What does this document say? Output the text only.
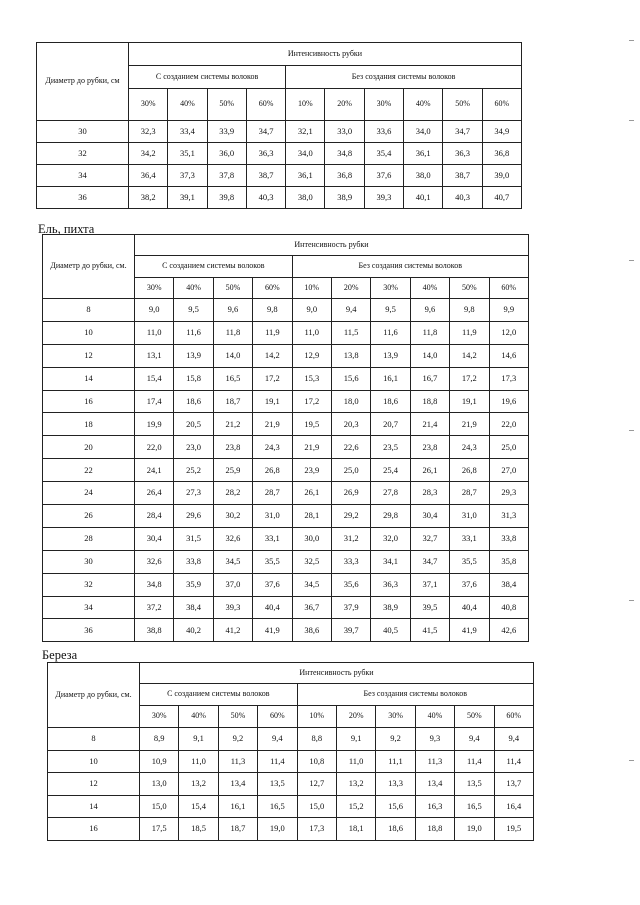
Диаметр до рубки, см	Интенсивность рубки									
	С созданием системы волоков				Без создания системы волоков					
	30%	40%	50%	60%	10%	20%	30%	40%	50%	60%
30	32,3	33,4	33,9	34,7	32,1	33,0	33,6	34,0	34,7	34,9
32	34,2	35,1	36,0	36,3	34,0	34,8	35,4	36,1	36,3	36,8
34	36,4	37,3	37,8	38,7	36,1	36,8	37,6	38,0	38,7	39,0
36	38,2	39,1	39,8	40,3	38,0	38,9	39,3	40,1	40,3	40,7
Ель, пихта
Диаметр до рубки, см.	Интенсивность рубки									
	С созданием системы волоков				Без создания системы волоков					
	30%	40%	50%	60%	10%	20%	30%	40%	50%	60%
8	9,0	9,5	9,6	9,8	9,0	9,4	9,5	9,6	9,8	9,9
10	11,0	11,6	11,8	11,9	11,0	11,5	11,6	11,8	11,9	12,0
12	13,1	13,9	14,0	14,2	12,9	13,8	13,9	14,0	14,2	14,6
14	15,4	15,8	16,5	17,2	15,3	15,6	16,1	16,7	17,2	17,3
16	17,4	18,6	18,7	19,1	17,2	18,0	18,6	18,8	19,1	19,6
18	19,9	20,5	21,2	21,9	19,5	20,3	20,7	21,4	21,9	22,0
20	22,0	23,0	23,8	24,3	21,9	22,6	23,5	23,8	24,3	25,0
22	24,1	25,2	25,9	26,8	23,9	25,0	25,4	26,1	26,8	27,0
24	26,4	27,3	28,2	28,7	26,1	26,9	27,8	28,3	28,7	29,3
26	28,4	29,6	30,2	31,0	28,1	29,2	29,8	30,4	31,0	31,3
28	30,4	31,5	32,6	33,1	30,0	31,2	32,0	32,7	33,1	33,8
30	32,6	33,8	34,5	35,5	32,5	33,3	34,1	34,7	35,5	35,8
32	34,8	35,9	37,0	37,6	34,5	35,6	36,3	37,1	37,6	38,4
34	37,2	38,4	39,3	40,4	36,7	37,9	38,9	39,5	40,4	40,8
36	38,8	40,2	41,2	41,9	38,6	39,7	40,5	41,5	41,9	42,6
Береза
Диаметр до рубки, см.	Интенсивность рубки									
	С созданием системы волоков				Без создания системы волоков					
	30%	40%	50%	60%	10%	20%	30%	40%	50%	60%
8	8,9	9,1	9,2	9,4	8,8	9,1	9,2	9,3	9,4	9,4
10	10,9	11,0	11,3	11,4	10,8	11,0	11,1	11,3	11,4	11,4
12	13,0	13,2	13,4	13,5	12,7	13,2	13,3	13,4	13,5	13,7
14	15,0	15,4	16,1	16,5	15,0	15,2	15,6	16,3	16,5	16,4
16	17,5	18,5	18,7	19,0	17,3	18,1	18,6	18,8	19,0	19,5
